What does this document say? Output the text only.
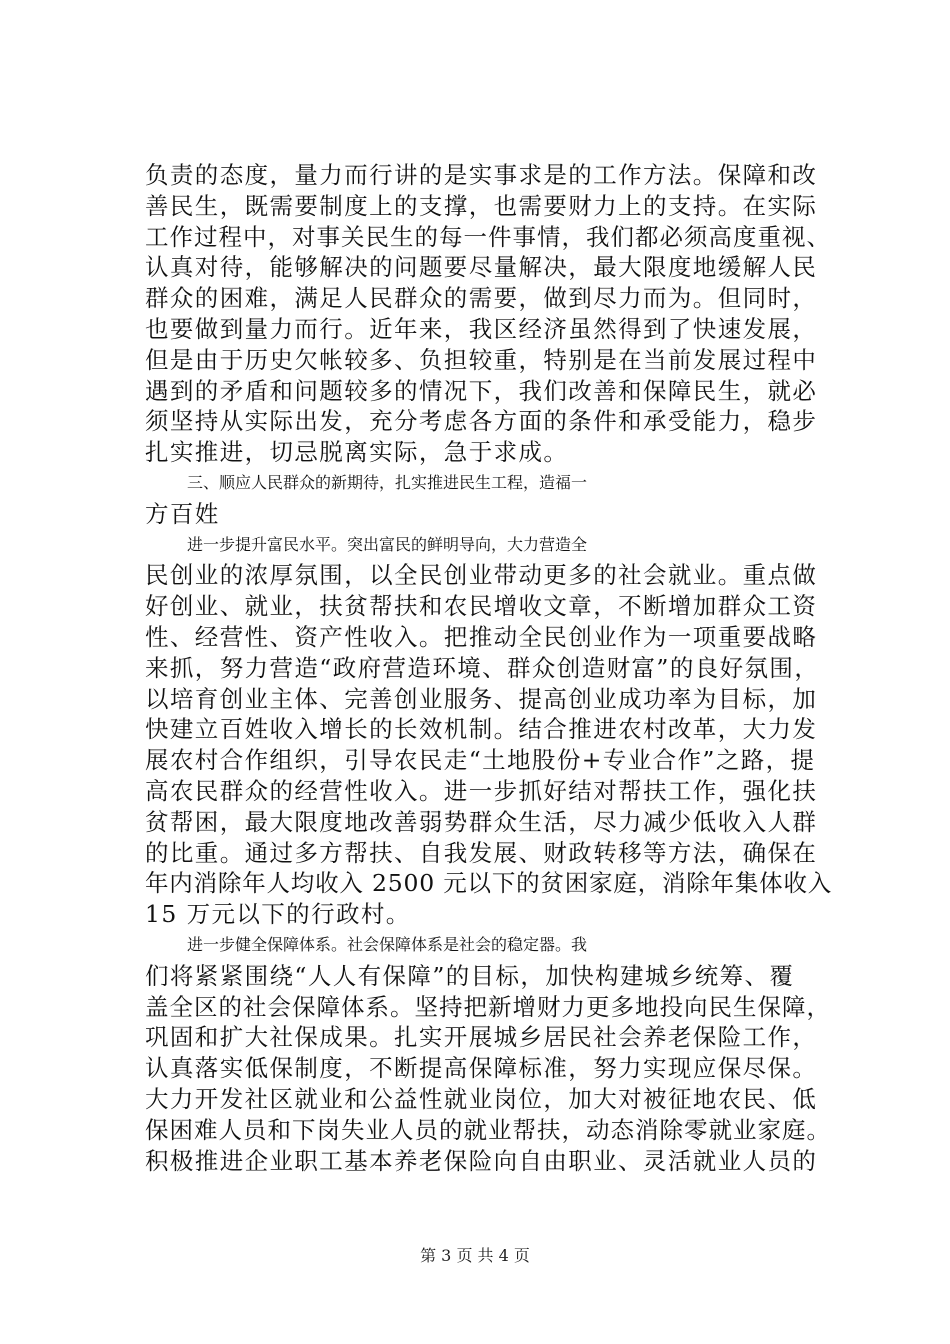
负责的态度，量力而行讲的是实事求是的工作方法。保障和改
善民生，既需要制度上的支撑，也需要财力上的支持。在实际
工作过程中，对事关民生的每一件事情，我们都必须高度重视、
认真对待，能够解决的问题要尽量解决，最大限度地缓解人民
群众的困难，满足人民群众的需要，做到尽力而为。但同时，
也要做到量力而行。近年来，我区经济虽然得到了快速发展，
但是由于历史欠帐较多、负担较重，特别是在当前发展过程中
遇到的矛盾和问题较多的情况下，我们改善和保障民生，就必
须坚持从实际出发，充分考虑各方面的条件和承受能力，稳步
扎实推进，切忌脱离实际，急于求成。
三、顺应人民群众的新期待，扎实推进民生工程，造福一
方百姓
进一步提升富民水平。突出富民的鲜明导向，大力营造全
民创业的浓厚氛围，以全民创业带动更多的社会就业。重点做
好创业、就业，扶贫帮扶和农民增收文章，不断增加群众工资
性、经营性、资产性收入。把推动全民创业作为一项重要战略
来抓，努力营造“政府营造环境、群众创造财富”的良好氛围，
以培育创业主体、完善创业服务、提高创业成功率为目标，加
快建立百姓收入增长的长效机制。结合推进农村改革，大力发
展农村合作组织，引导农民走“土地股份+专业合作”之路，提
高农民群众的经营性收入。进一步抓好结对帮扶工作，强化扶
贫帮困，最大限度地改善弱势群众生活，尽力减少低收入人群
的比重。通过多方帮扶、自我发展、财政转移等方法，确保在
年内消除年人均收入 2500 元以下的贫困家庭，消除年集体收入
15 万元以下的行政村。
进一步健全保障体系。社会保障体系是社会的稳定器。我
们将紧紧围绕“人人有保障”的目标，加快构建城乡统筹、覆
盖全区的社会保障体系。坚持把新增财力更多地投向民生保障，
巩固和扩大社保成果。扎实开展城乡居民社会养老保险工作，
认真落实低保制度，不断提高保障标准，努力实现应保尽保。
大力开发社区就业和公益性就业岗位，加大对被征地农民、低
保困难人员和下岗失业人员的就业帮扶，动态消除零就业家庭。
积极推进企业职工基本养老保险向自由职业、灵活就业人员的
第 3 页 共 4 页
